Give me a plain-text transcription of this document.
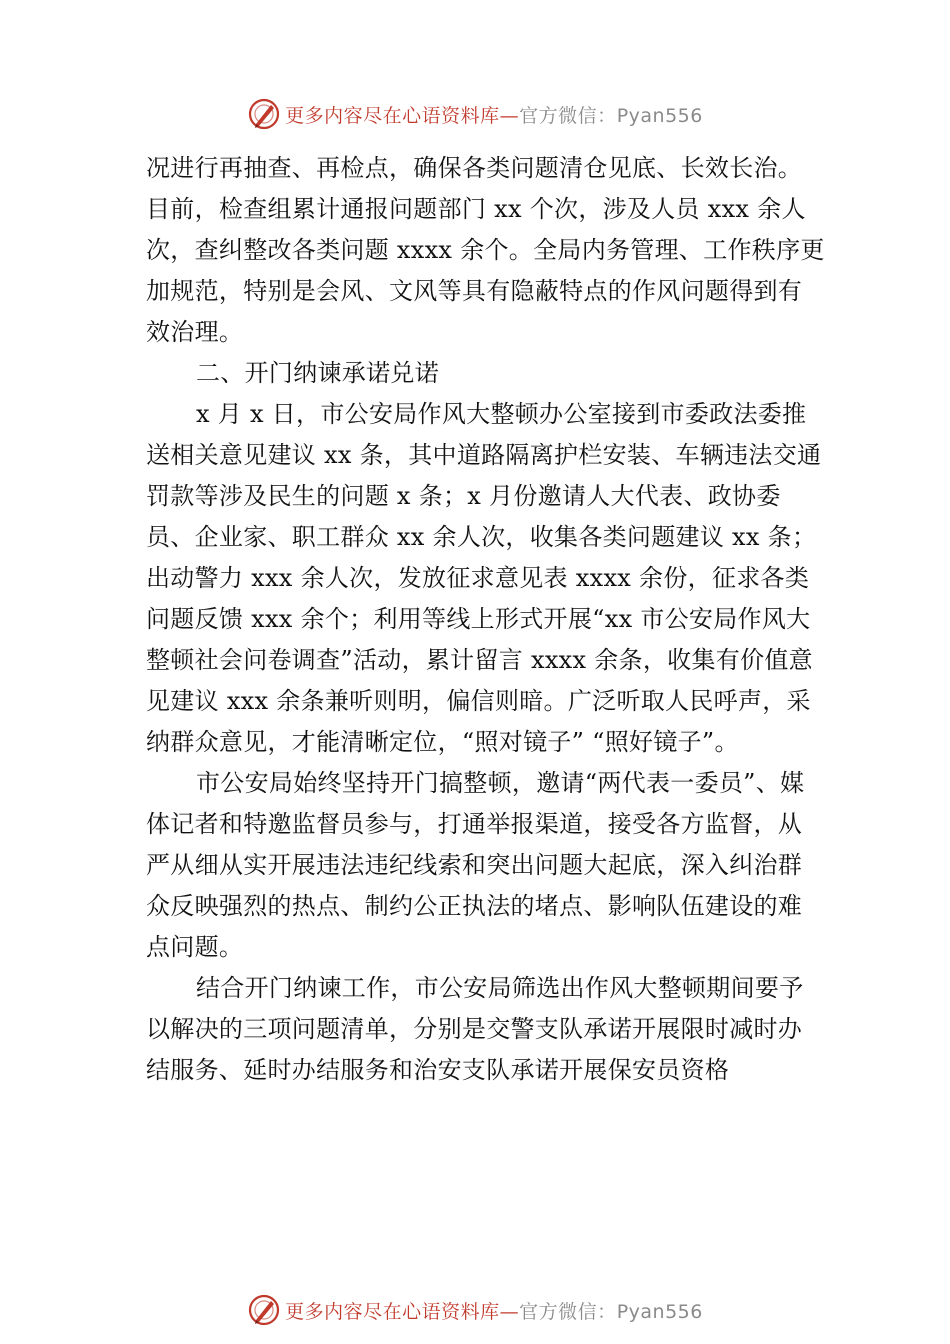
更多内容尽在心语资料库—官方微信：Pyan556

况进行再抽查、再检点，确保各类问题清仓见底、长效长治。目前，检查组累计通报问题部门 xx 个次，涉及人员 xxx 余人次，查纠整改各类问题 xxxx 余个。全局内务管理、工作秩序更加规范，特别是会风、文风等具有隐蔽特点的作风问题得到有效治理。

二、开门纳谏承诺兑诺

x 月 x 日，市公安局作风大整顿办公室接到市委政法委推送相关意见建议 xx 条，其中道路隔离护栏安装、车辆违法交通罚款等涉及民生的问题 x 条；x 月份邀请人大代表、政协委员、企业家、职工群众 xx 余人次，收集各类问题建议 xx 条；出动警力 xxx 余人次，发放征求意见表 xxxx 余份，征求各类问题反馈 xxx 余个；利用等线上形式开展“xx 市公安局作风大整顿社会问卷调查”活动，累计留言 xxxx 余条，收集有价值意见建议 xxx 余条兼听则明，偏信则暗。广泛听取人民呼声，采纳群众意见，才能清晰定位，“照对镜子” “照好镜子”。

市公安局始终坚持开门搞整顿，邀请“两代表一委员”、媒体记者和特邀监督员参与，打通举报渠道，接受各方监督，从严从细从实开展违法违纪线索和突出问题大起底，深入纠治群众反映强烈的热点、制约公正执法的堵点、影响队伍建设的难点问题。

结合开门纳谏工作，市公安局筛选出作风大整顿期间要予以解决的三项问题清单，分别是交警支队承诺开展限时减时办结服务、延时办结服务和治安支队承诺开展保安员资格

更多内容尽在心语资料库—官方微信：Pyan556
